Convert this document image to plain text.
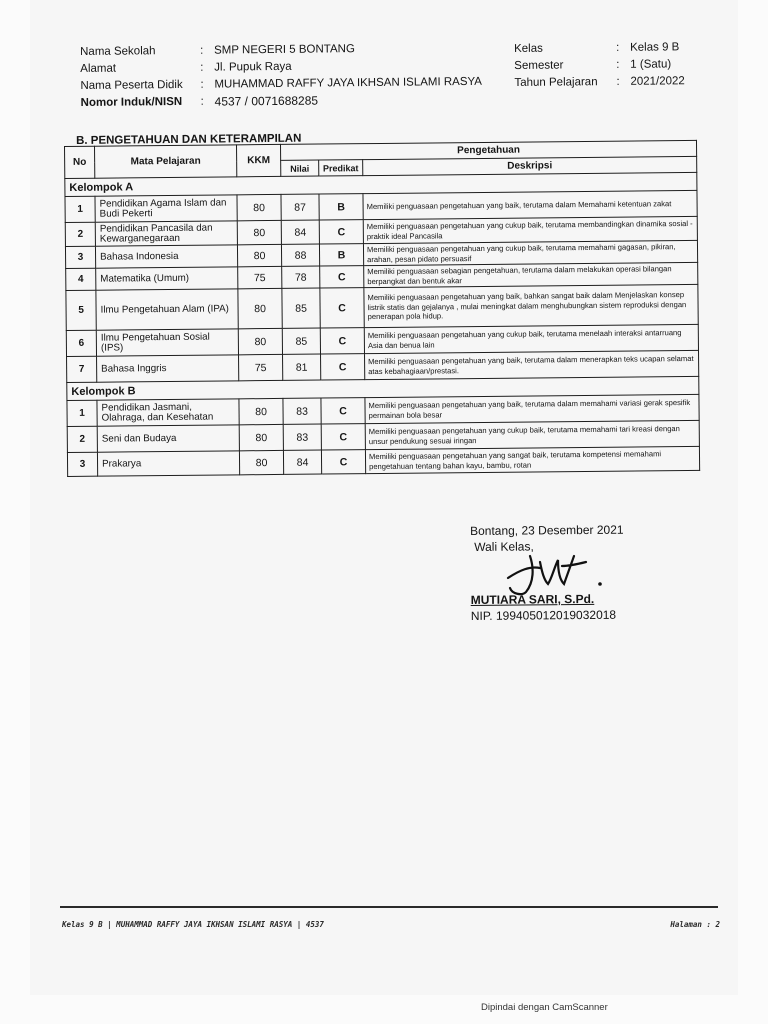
Nama Sekolah	: SMP NEGERI 5 BONTANG
Alamat	: Jl. Pupuk Raya
Nama Peserta Didik	: MUHAMMAD RAFFY JAYA IKHSAN ISLAMI RASYA
Nomor Induk/NISN	: 4537 / 0071688285
Kelas	: Kelas 9 B
Semester	: 1 (Satu)
Tahun Pelajaran	: 2021/2022
B. PENGETAHUAN DAN KETERAMPILAN
No	Mata Pelajaran	KKM	Pengetahuan		
			Nilai	Predikat	Deskripsi
Kelompok A					
1	Pendidikan Agama Islam dan Budi Pekerti	80	87	B	Memiliki penguasaan pengetahuan yang baik, terutama dalam Memahami ketentuan zakat
2	Pendidikan Pancasila dan Kewarganegaraan	80	84	C	Memiliki penguasaan pengetahuan yang cukup baik, terutama membandingkan dinamika sosial - praktik ideal Pancasila
3	Bahasa Indonesia	80	88	B	Memiliki penguasaan pengetahuan yang cukup baik, terutama memahami gagasan, pikiran, arahan, pesan pidato persuasif
4	Matematika (Umum)	75	78	C	Memiliki penguasaan sebagian pengetahuan, terutama dalam melakukan operasi bilangan berpangkat dan bentuk akar
5	Ilmu Pengetahuan Alam (IPA)	80	85	C	Memiliki penguasaan pengetahuan yang baik, bahkan sangat baik dalam Menjelaskan konsep listrik statis dan gejalanya , mulai meningkat dalam menghubungkan sistem reproduksi dengan penerapan pola hidup.
6	Ilmu Pengetahuan Sosial (IPS)	80	85	C	Memiliki penguasaan pengetahuan yang cukup baik, terutama menelaah interaksi antarruang Asia dan benua lain
7	Bahasa Inggris	75	81	C	Memiliki penguasaan pengetahuan yang baik, terutama dalam menerapkan teks ucapan selamat atas kebahagiaan/prestasi.
Kelompok B					
1	Pendidikan Jasmani, Olahraga, dan Kesehatan	80	83	C	Memiliki penguasaan pengetahuan yang baik, terutama dalam memahami variasi gerak spesifik permainan bola besar
2	Seni dan Budaya	80	83	C	Memiliki penguasaan pengetahuan yang cukup baik, terutama memahami tari kreasi dengan unsur pendukung sesuai iringan
3	Prakarya	80	84	C	Memiliki penguasaan pengetahuan yang sangat baik, terutama kompetensi memahami pengetahuan tentang bahan kayu, bambu, rotan
Bontang, 23 Desember 2021
Wali Kelas,
MUTIARA SARI, S.Pd.
NIP. 199405012019032018
Kelas 9 B | MUHAMMAD RAFFY JAYA IKHSAN ISLAMI RASYA | 4537	Halaman : 2
Dipindai dengan CamScanner
